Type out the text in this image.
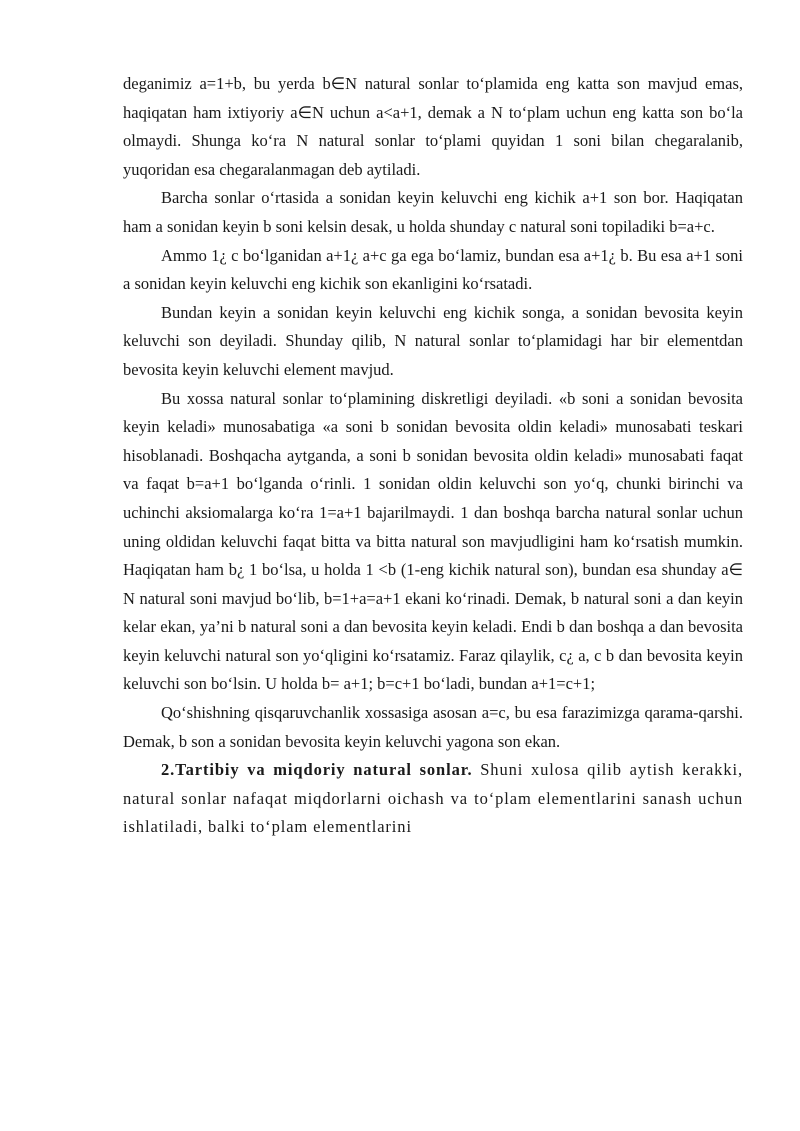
deganimiz a=1+b, bu yerda b∈N natural sonlar to‘plamida eng katta son mavjud emas, haqiqatan ham ixtiyoriy a∈N uchun a<a+1, demak a N to‘plam uchun eng katta son bo‘la olmaydi. Shunga ko‘ra N natural sonlar to‘plami quyidan 1 soni bilan chegaralanib, yuqoridan esa chegaralanmagan deb aytiladi.

Barcha sonlar o‘rtasida a sonidan keyin keluvchi eng kichik a+1 son bor. Haqiqatan ham a sonidan keyin b soni kelsin desak, u holda shunday c natural soni topiladiki b=a+c.

Ammo 1¿ c bo‘lganidan a+1¿ a+c ga ega bo‘lamiz, bundan esa a+1¿ b. Bu esa a+1 soni a sonidan keyin keluvchi eng kichik son ekanligini ko‘rsatadi.

Bundan keyin a sonidan keyin keluvchi eng kichik songa, a sonidan bevosita keyin keluvchi son deyiladi. Shunday qilib, N natural sonlar to‘plamidagi har bir elementdan bevosita keyin keluvchi element mavjud.

Bu xossa natural sonlar to‘plamining diskretligi deyiladi. «b soni a sonidan bevosita keyin keladi» munosabatiga «a soni b sonidan bevosita oldin keladi» munosabati teskari hisoblanadi. Boshqacha aytganda, a soni b sonidan bevosita oldin keladi» munosabati faqat va faqat b=a+1 bo‘lganda o‘rinli. 1 sonidan oldin keluvchi son yo‘q, chunki birinchi va uchinchi aksiomalarga ko‘ra 1=a+1 bajarilmaydi. 1 dan boshqa barcha natural sonlar uchun uning oldidan keluvchi faqat bitta va bitta natural son mavjudligini ham ko‘rsatish mumkin. Haqiqatan ham b¿ 1 bo‘lsa, u holda 1 <b (1-eng kichik natural son), bundan esa shunday a∈ N natural soni mavjud bo‘lib, b=1+a=a+1 ekani ko‘rinadi. Demak, b natural soni a dan keyin kelar ekan, ya’ni b natural soni a dan bevosita keyin keladi. Endi b dan boshqa a dan bevosita keyin keluvchi natural son yo‘qligini ko‘rsatamiz. Faraz qilaylik, c¿ a, c b dan bevosita keyin keluvchi son bo‘lsin. U holda b= a+1; b=c+1 bo‘ladi, bundan a+1=c+1;

Qo‘shishning qisqaruvchanlik xossasiga asosan a=c, bu esa farazimizga qarama-qarshi. Demak, b son a sonidan bevosita keyin keluvchi yagona son ekan.

2.Tartibiy va miqdoriy natural sonlar. Shuni xulosa qilib aytish kerakki, natural sonlar nafaqat miqdorlarni oichash va to‘plam elementlarini sanash uchun ishlatiladi, balki to‘plam elementlarini
